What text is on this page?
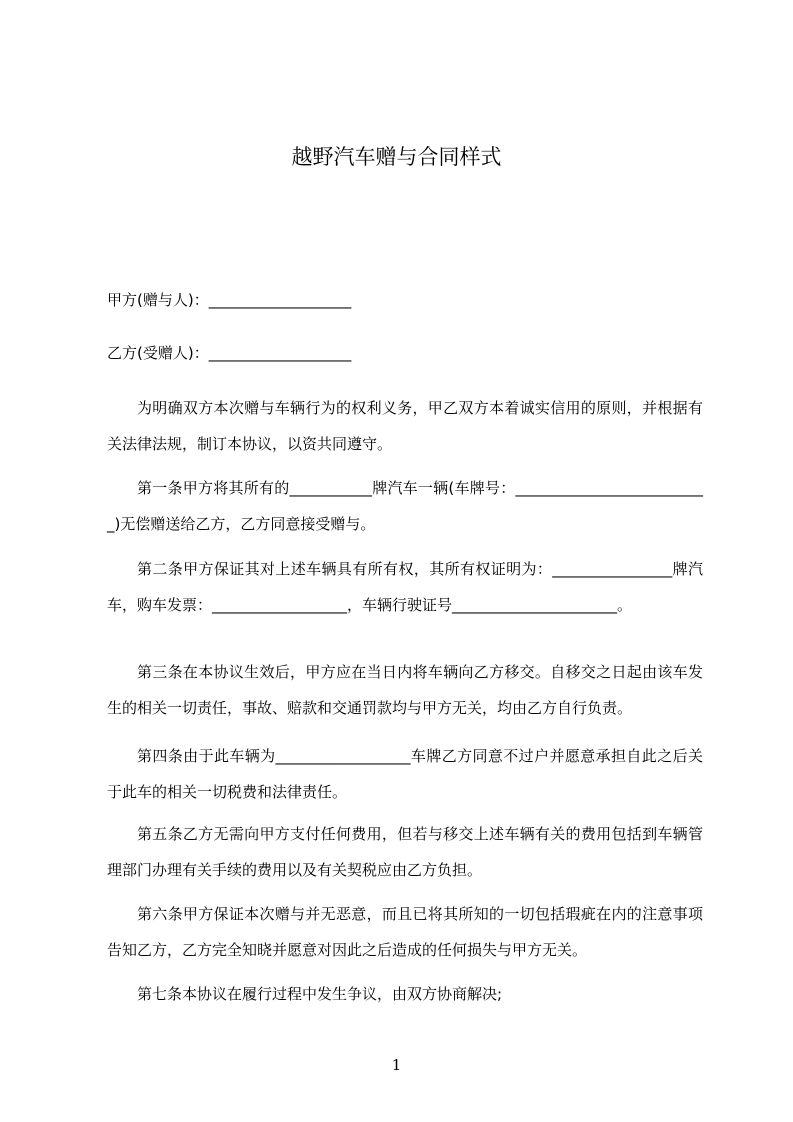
越野汽车赠与合同样式
甲方(赠与人)：___________________
乙方(受赠人)：___________________
为明确双方本次赠与车辆行为的权利义务，甲乙双方本着诚实信用的原则，并根据有关法律法规，制订本协议，以资共同遵守。
第一条甲方将其所有的___________牌汽车一辆(车牌号：__________________________)无偿赠送给乙方，乙方同意接受赠与。
第二条甲方保证其对上述车辆具有所有权，其所有权证明为：________________牌汽车，购车发票：__________________，车辆行驶证号______________________。
第三条在本协议生效后，甲方应在当日内将车辆向乙方移交。自移交之日起由该车发生的相关一切责任，事故、赔款和交通罚款均与甲方无关，均由乙方自行负责。
第四条由于此车辆为__________________车牌乙方同意不过户并愿意承担自此之后关于此车的相关一切税费和法律责任。
第五条乙方无需向甲方支付任何费用，但若与移交上述车辆有关的费用包括到车辆管理部门办理有关手续的费用以及有关契税应由乙方负担。
第六条甲方保证本次赠与并无恶意，而且已将其所知的一切包括瑕疵在内的注意事项告知乙方，乙方完全知晓并愿意对因此之后造成的任何损失与甲方无关。
第七条本协议在履行过程中发生争议，由双方协商解决;
1
